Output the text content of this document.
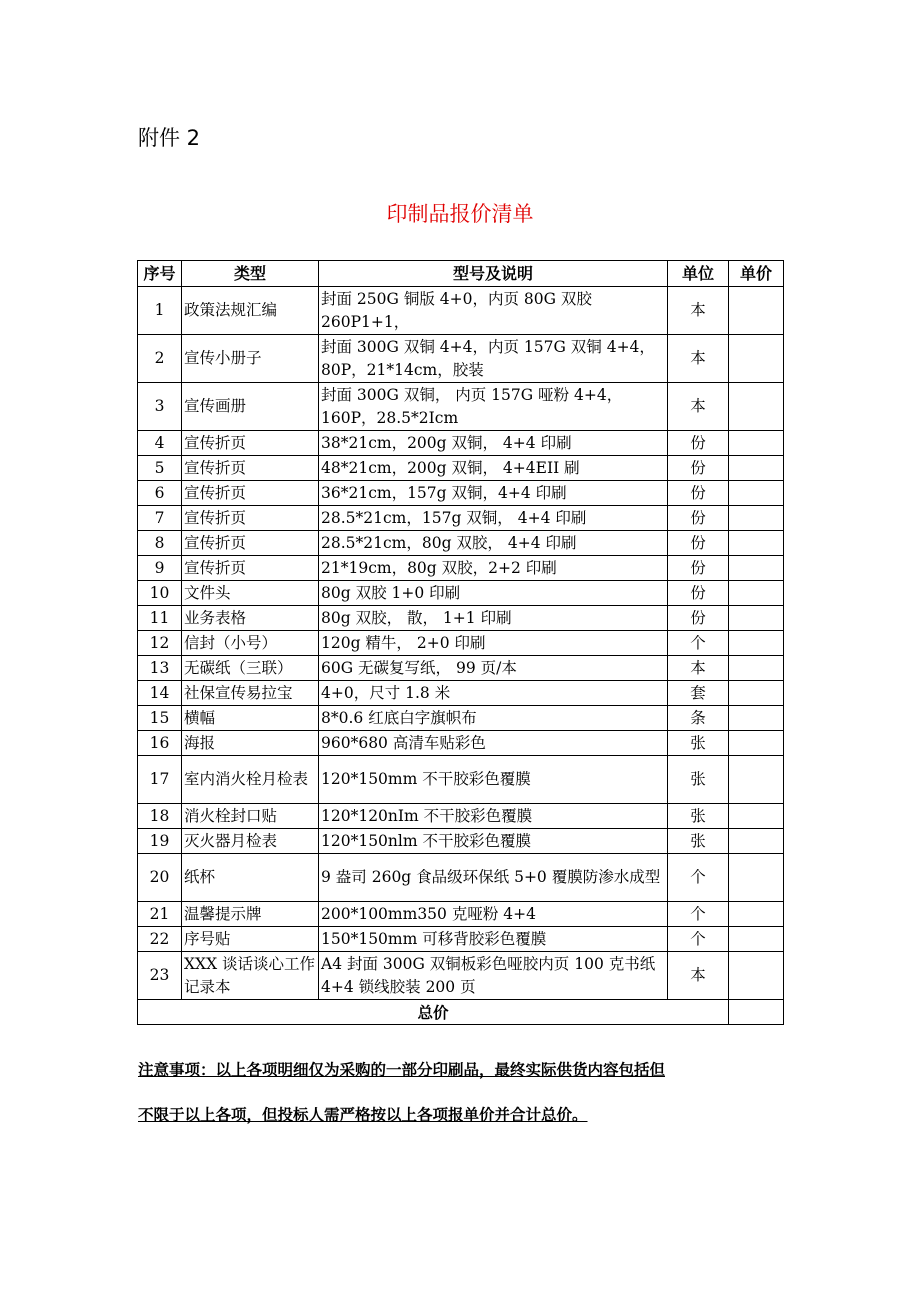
附件 2
印制品报价清单
序号	类型	型号及说明	单位	单价
1	政策法规汇编	封面 250G 铜版 4+0，内页 80G 双胶 260P1+1，	本	
2	宣传小册子	封面 300G 双铜 4+4，内页 157G 双铜 4+4，80P，21*14cm，胶装	本	
3	宣传画册	封面 300G 双铜， 内页 157G 哑粉 4+4，160P，28.5*2Icm	本	
4	宣传折页	38*21cm，200g 双铜， 4+4 印刷	份	
5	宣传折页	48*21cm，200g 双铜， 4+4EII 刷	份	
6	宣传折页	36*21cm，157g 双铜，4+4 印刷	份	
7	宣传折页	28.5*21cm，157g 双铜， 4+4 印刷	份	
8	宣传折页	28.5*21cm，80g 双胶， 4+4 印刷	份	
9	宣传折页	21*19cm，80g 双胶，2+2 印刷	份	
10	文件头	80g 双胶 1+0 印刷	份	
11	业务表格	80g 双胶， 散， 1+1 印刷	份	
12	信封（小号）	120g 精牛， 2+0 印刷	个	
13	无碳纸（三联）	60G 无碳复写纸， 99 页/本	本	
14	社保宣传易拉宝	4+0，尺寸 1.8 米	套	
15	横幅	8*0.6 红底白字旗帜布	条	
16	海报	960*680 高清车贴彩色	张	
17	室内消火栓月检表	120*150mm 不干胶彩色覆膜	张	
18	消火栓封口贴	120*120nIm 不干胶彩色覆膜	张	
19	灭火器月检表	120*150nlm 不干胶彩色覆膜	张	
20	纸杯	9 盎司 260g 食品级环保纸 5+0 覆膜防渗水成型	个	
21	温馨提示牌	200*100mm350 克哑粉 4+4	个	
22	序号贴	150*150mm 可移背胶彩色覆膜	个	
23	XXX 谈话谈心工作记录本	A4 封面 300G 双铜板彩色哑胶内页 100 克书纸 4+4 锁线胶装 200 页	本	
总价				
注意事项：以上各项明细仅为采购的一部分印刷品，最终实际供货内容包括但
不限于以上各项，但投标人需严格按以上各项报单价并合计总价。
